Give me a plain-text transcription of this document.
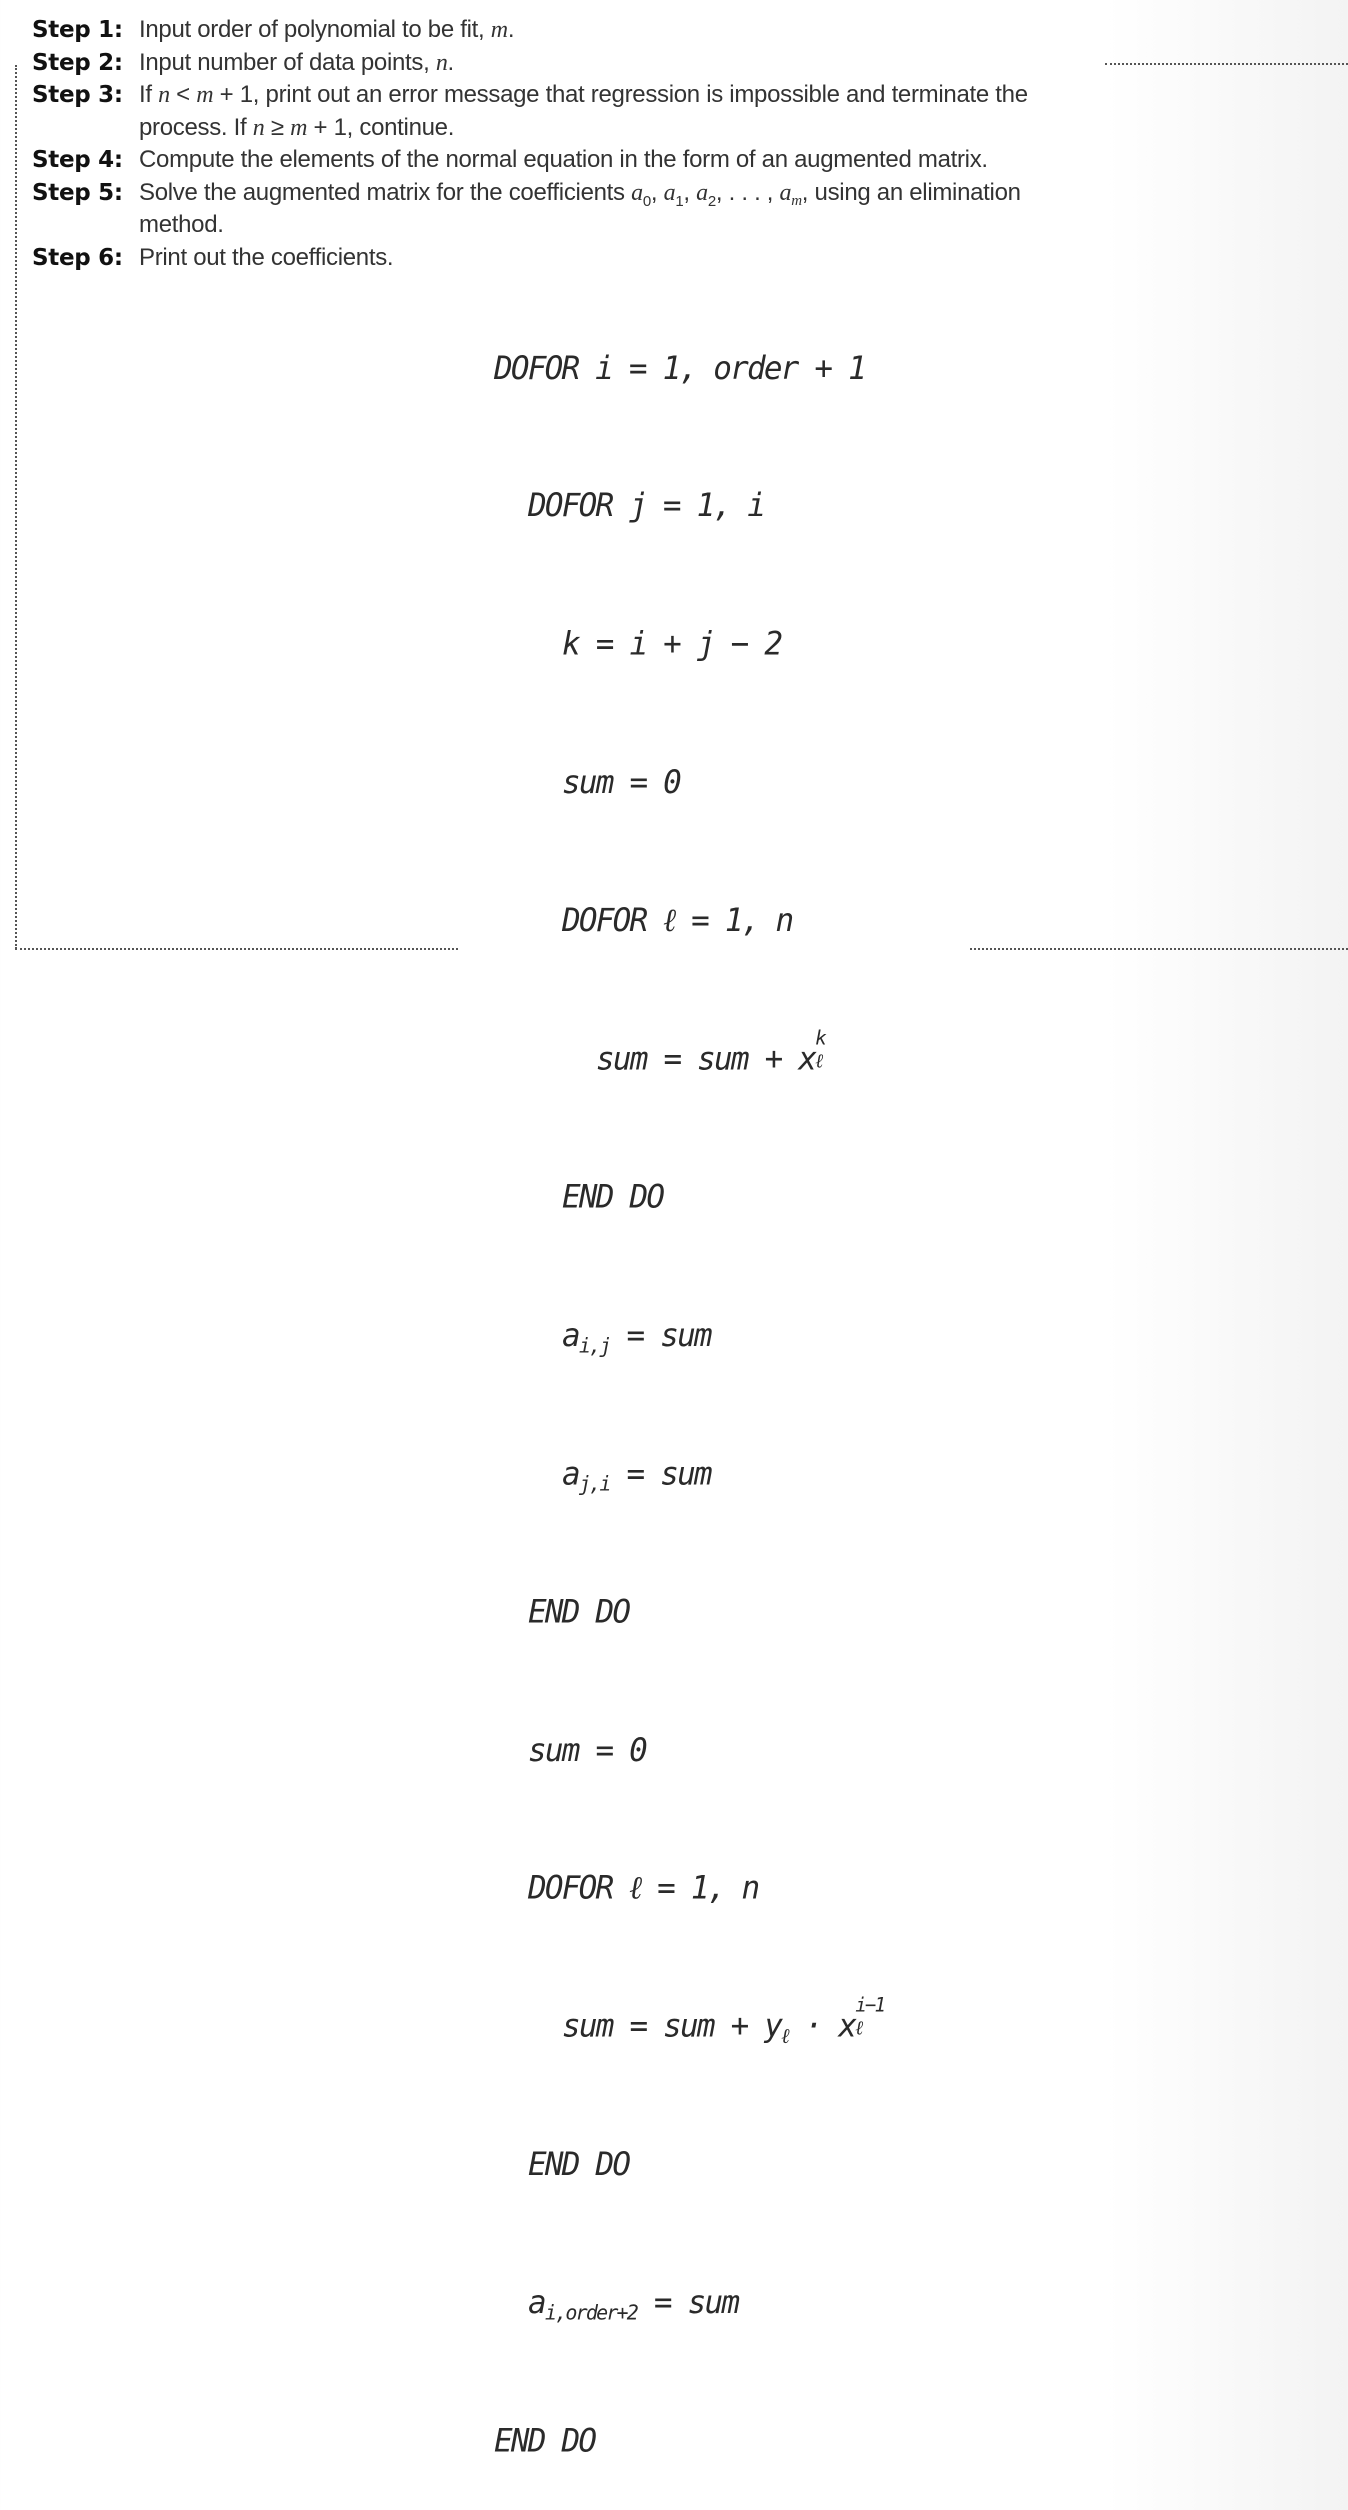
Step 1: Input order of polynomial to be fit, m.
Step 2: Input number of data points, n.
Step 3: If n < m + 1, print out an error message that regression is impossible and terminate the
process. If n ≥ m + 1, continue.
Step 4: Compute the elements of the normal equation in the form of an augmented matrix.
Step 5: Solve the augmented matrix for the coefficients $a_0$, $a_1$, $a_2$, . . . , $a_m$, using an elimination
method.
Step 6: Print out the coefficients.

DOFOR i = 1, order + 1

DOFOR j = 1, i

k = i + j − 2

sum = 0

DOFOR ℓ = 1, n

sum = sum + x
k
ℓ

END DO

$a_{i,j}$ = sum

$a_{j,i}$ = sum

END DO

sum = 0

DOFOR ℓ = 1, n

sum = sum + $y_\ell \cdot x$
i−1
ℓ

END DO

$a_{i,order+2}$ = sum

END DO
